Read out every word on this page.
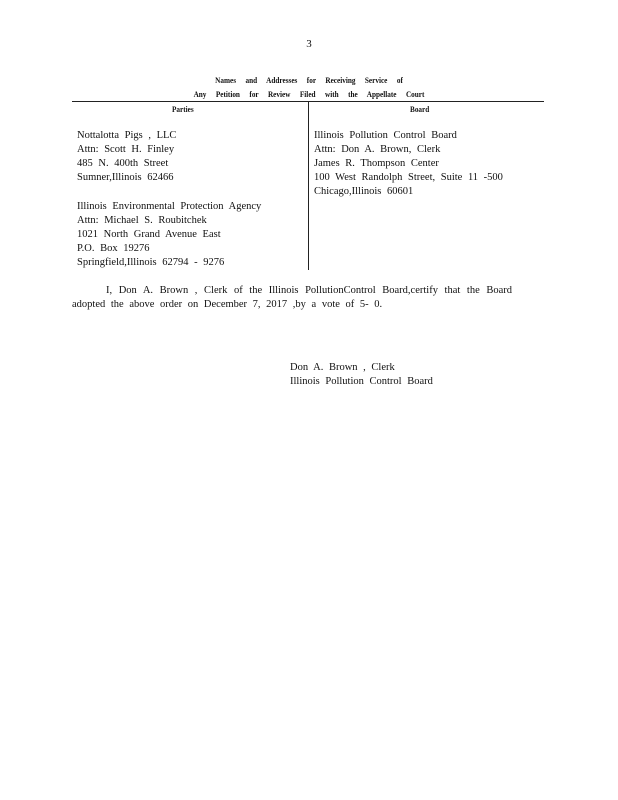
3
Names and Addresses for Receiving Service of
Any Petition for Review Filed with the Appellate Court
Parties	Board
Nottalotta Pigs , LLC
Attn: Scott H. Finley
485 N. 400th Street
Sumner,Illinois 62466
Illinois Environmental Protection Agency
Attn: Michael S. Roubitchek
1021 North Grand Avenue East
P.O. Box 19276
Springfield,Illinois 62794 - 9276
Illinois Pollution Control Board
Attn: Don A. Brown, Clerk
James R. Thompson Center
100 West Randolph Street, Suite 11 -500
Chicago,Illinois 60601
I, Don A. Brown , Clerk of the Illinois PollutionControl Board,certify that the Board adopted the above order on December 7, 2017 ,by a vote of 5- 0.
Don A. Brown , Clerk
Illinois Pollution Control Board
